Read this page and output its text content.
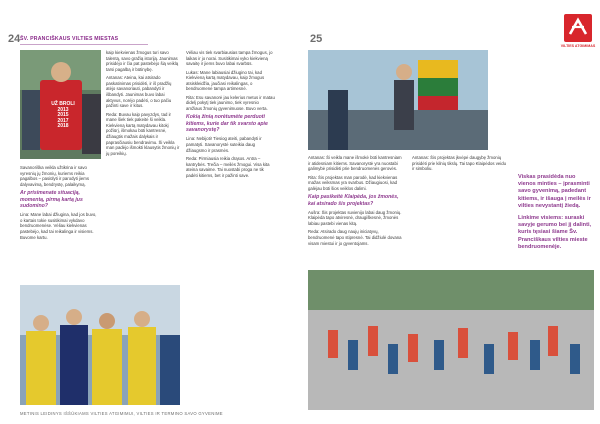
24 ŠV. PRANCIŠKAUS VILTIES MIESTAS
UŽ BROLI
2013
2015
2017
2018

Savanoriška veikla užtikrina ir savo vyresnių jų žmonių, kuriems reikia pagalbos – pasiūlyti ir parodyti jiems dalyvavimą, bendrystę, palaikymą.

Ar prisimenate situaciją, momentą, pirmą kartą jus sudomino?

Lina: Mane labai džiugina, kad jos buvo, o kartais tokie susitikimai vykdavo bendruomenėse. Vėliau kiekvienas pastebėjo, kad tai reikalinga ir visiems. Buvome kartu.

kaip kiekvienas žmogus turi savo talentą, savo gražią istoriją. Jaunimas prisidėjo ir čia pat pastebėjo šią veiklą tarsi pagalbą ir būtinybę.

Antanas: Ateina, kai atsirado paskatinimas prisidėti, ir iš pradžių atėjo savanoriauti, pabandyti ir išbandyti. Jaunimas buvo labai aktyvus, norėjo padėti, o tuo pačiu pažinti save ir kitus.

Reda: Buvau kaip pavyzdys, tad ir mane šiek tiek pakeitė ši veikla. Kiekvieną kartą matydavau kitokį požiūrį, išmokau būti kantresnė, džiaugtis mažais dalykais ir paprasčiausiu bendravimu. Ši veikla man padėjo išmokti klausytis žmonių ir jų poreikių.

Vėliau vis tiek svarbiausias tampa žmogus, jo laikas ir jo norai. Susitikimai vyko kiekvieną savaitę ir jiems buvo labai svarbūs.

Lukas: Mane labiausiai džiugino tai, kad Kiekvieną kartą matydavau, kaip žmogus atsiskleidžia, jaučiasi reikalingas, o bendruomenė tampa artimesnė.

Rita: Esu savanorė jau kelerius metus ir matau didelį pokytį tiek jaunimo, tiek vyresnio amžiaus žmonių gyvenimuose. Buvo verta.

Kokią žinią norėtumėte perduoti kitiems, kurie dar tik svarsto apie savanorystę?

Lina: Nebijoti! Tiesiog ateiti, pabandyti ir pamatyti. Savanorystė suteikia daug džiaugsmo ir prasmės.

Reda: Pirmiausia reikia drąsos. Antra – kantrybės. Trečia – meilės žmogui. Visa kita ateina savaime. Tai nuostabi proga ne tik padėti kitiems, bet ir pažinti save.

METINIS LEIDINYS IŠŠŪKIAMS VILTIES ATGIMIMUI, VILTIES IR TERMINO SAVO GYVENIME
25
VILTIES ATGIMIMAS

Antanas: Ši veikla mane išmokė būti kantresniam ir atidesniam kitiems. Savanorystė yra nuostabi galimybė prisidėti prie bendruomenės gerovės.

Rita: Šis projektas man parodė, kad kiekvienas mažas veiksmas yra svarbus. Džiaugiuosi, kad galėjau būti šios veiklos dalimi.

Kaip pasikeitė Klaipėda, jos žmonės, kai atsirado šis projektas?

Aušra: Šis projektas suvienijo labai daug žmonių. Klaipėda tapo atviresnė, draugiškesnė, žmonės labiau pastebi vienas kitą.

Reda: Atsirado daug naujų iniciatyvų, bendruomenė tapo stipresnė. Tai didžiulė dovana visam miestui ir jo gyventojams.

Antanas: Šis projektas įkvėpė daugybę žmonių prisidėti prie kilnių tikslų. Tai tapo Klaipėdos veidu ir simboliu.

Viskas prasidėda nuo vienos minties – įprasminti savo gyvenimą, padedant kitiems, ir išauga į meilės ir vilties nevystantį žiedą.

Linkime visiems: suraski savyje gerumo bei jį dalinti, kuris tęsiasi šiame Šv. Pranciškaus vilties mieste bendruomenėje.
